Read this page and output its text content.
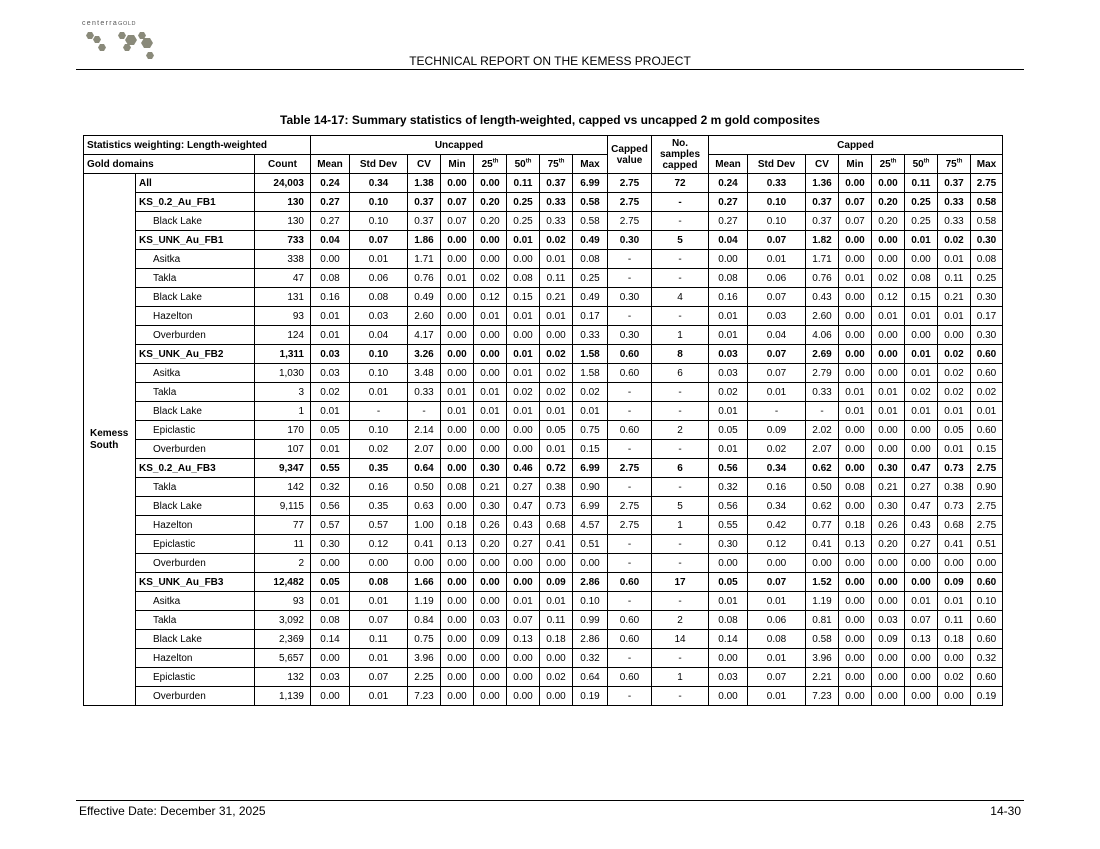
centerraGOLD
TECHNICAL REPORT ON THE KEMESS PROJECT
Table 14-17: Summary statistics of length-weighted, capped vs uncapped 2 m gold composites
Statistics weighting: Length-weighted			Uncapped								Capped value	No. samples capped	Capped							
Gold domains		Count	Mean	Std Dev	CV	Min	25th	50th	75th	Max			Mean	Std Dev	CV	Min	25th	50th	75th	Max
Kemess South	All	24,003	0.24	0.34	1.38	0.00	0.00	0.11	0.37	6.99	2.75	72	0.24	0.33	1.36	0.00	0.00	0.11	0.37	2.75
	KS_0.2_Au_FB1	130	0.27	0.10	0.37	0.07	0.20	0.25	0.33	0.58	2.75	-	0.27	0.10	0.37	0.07	0.20	0.25	0.33	0.58
	Black Lake	130	0.27	0.10	0.37	0.07	0.20	0.25	0.33	0.58	2.75	-	0.27	0.10	0.37	0.07	0.20	0.25	0.33	0.58
	KS_UNK_Au_FB1	733	0.04	0.07	1.86	0.00	0.00	0.01	0.02	0.49	0.30	5	0.04	0.07	1.82	0.00	0.00	0.01	0.02	0.30
	Asitka	338	0.00	0.01	1.71	0.00	0.00	0.00	0.01	0.08	-	-	0.00	0.01	1.71	0.00	0.00	0.00	0.01	0.08
	Takla	47	0.08	0.06	0.76	0.01	0.02	0.08	0.11	0.25	-	-	0.08	0.06	0.76	0.01	0.02	0.08	0.11	0.25
	Black Lake	131	0.16	0.08	0.49	0.00	0.12	0.15	0.21	0.49	0.30	4	0.16	0.07	0.43	0.00	0.12	0.15	0.21	0.30
	Hazelton	93	0.01	0.03	2.60	0.00	0.01	0.01	0.01	0.17	-	-	0.01	0.03	2.60	0.00	0.01	0.01	0.01	0.17
	Overburden	124	0.01	0.04	4.17	0.00	0.00	0.00	0.00	0.33	0.30	1	0.01	0.04	4.06	0.00	0.00	0.00	0.00	0.30
	KS_UNK_Au_FB2	1,311	0.03	0.10	3.26	0.00	0.00	0.01	0.02	1.58	0.60	8	0.03	0.07	2.69	0.00	0.00	0.01	0.02	0.60
	Asitka	1,030	0.03	0.10	3.48	0.00	0.00	0.01	0.02	1.58	0.60	6	0.03	0.07	2.79	0.00	0.00	0.01	0.02	0.60
	Takla	3	0.02	0.01	0.33	0.01	0.01	0.02	0.02	0.02	-	-	0.02	0.01	0.33	0.01	0.01	0.02	0.02	0.02
	Black Lake	1	0.01	-	-	0.01	0.01	0.01	0.01	0.01	-	-	0.01	-	-	0.01	0.01	0.01	0.01	0.01
	Epiclastic	170	0.05	0.10	2.14	0.00	0.00	0.00	0.05	0.75	0.60	2	0.05	0.09	2.02	0.00	0.00	0.00	0.05	0.60
	Overburden	107	0.01	0.02	2.07	0.00	0.00	0.00	0.01	0.15	-	-	0.01	0.02	2.07	0.00	0.00	0.00	0.01	0.15
	KS_0.2_Au_FB3	9,347	0.55	0.35	0.64	0.00	0.30	0.46	0.72	6.99	2.75	6	0.56	0.34	0.62	0.00	0.30	0.47	0.73	2.75
	Takla	142	0.32	0.16	0.50	0.08	0.21	0.27	0.38	0.90	-	-	0.32	0.16	0.50	0.08	0.21	0.27	0.38	0.90
	Black Lake	9,115	0.56	0.35	0.63	0.00	0.30	0.47	0.73	6.99	2.75	5	0.56	0.34	0.62	0.00	0.30	0.47	0.73	2.75
	Hazelton	77	0.57	0.57	1.00	0.18	0.26	0.43	0.68	4.57	2.75	1	0.55	0.42	0.77	0.18	0.26	0.43	0.68	2.75
	Epiclastic	11	0.30	0.12	0.41	0.13	0.20	0.27	0.41	0.51	-	-	0.30	0.12	0.41	0.13	0.20	0.27	0.41	0.51
	Overburden	2	0.00	0.00	0.00	0.00	0.00	0.00	0.00	0.00	-	-	0.00	0.00	0.00	0.00	0.00	0.00	0.00	0.00
	KS_UNK_Au_FB3	12,482	0.05	0.08	1.66	0.00	0.00	0.00	0.09	2.86	0.60	17	0.05	0.07	1.52	0.00	0.00	0.00	0.09	0.60
	Asitka	93	0.01	0.01	1.19	0.00	0.00	0.01	0.01	0.10	-	-	0.01	0.01	1.19	0.00	0.00	0.01	0.01	0.10
	Takla	3,092	0.08	0.07	0.84	0.00	0.03	0.07	0.11	0.99	0.60	2	0.08	0.06	0.81	0.00	0.03	0.07	0.11	0.60
	Black Lake	2,369	0.14	0.11	0.75	0.00	0.09	0.13	0.18	2.86	0.60	14	0.14	0.08	0.58	0.00	0.09	0.13	0.18	0.60
	Hazelton	5,657	0.00	0.01	3.96	0.00	0.00	0.00	0.00	0.32	-	-	0.00	0.01	3.96	0.00	0.00	0.00	0.00	0.32
	Epiclastic	132	0.03	0.07	2.25	0.00	0.00	0.00	0.02	0.64	0.60	1	0.03	0.07	2.21	0.00	0.00	0.00	0.02	0.60
	Overburden	1,139	0.00	0.01	7.23	0.00	0.00	0.00	0.00	0.19	-	-	0.00	0.01	7.23	0.00	0.00	0.00	0.00	0.19
Effective Date: December 31, 2025	14-30
